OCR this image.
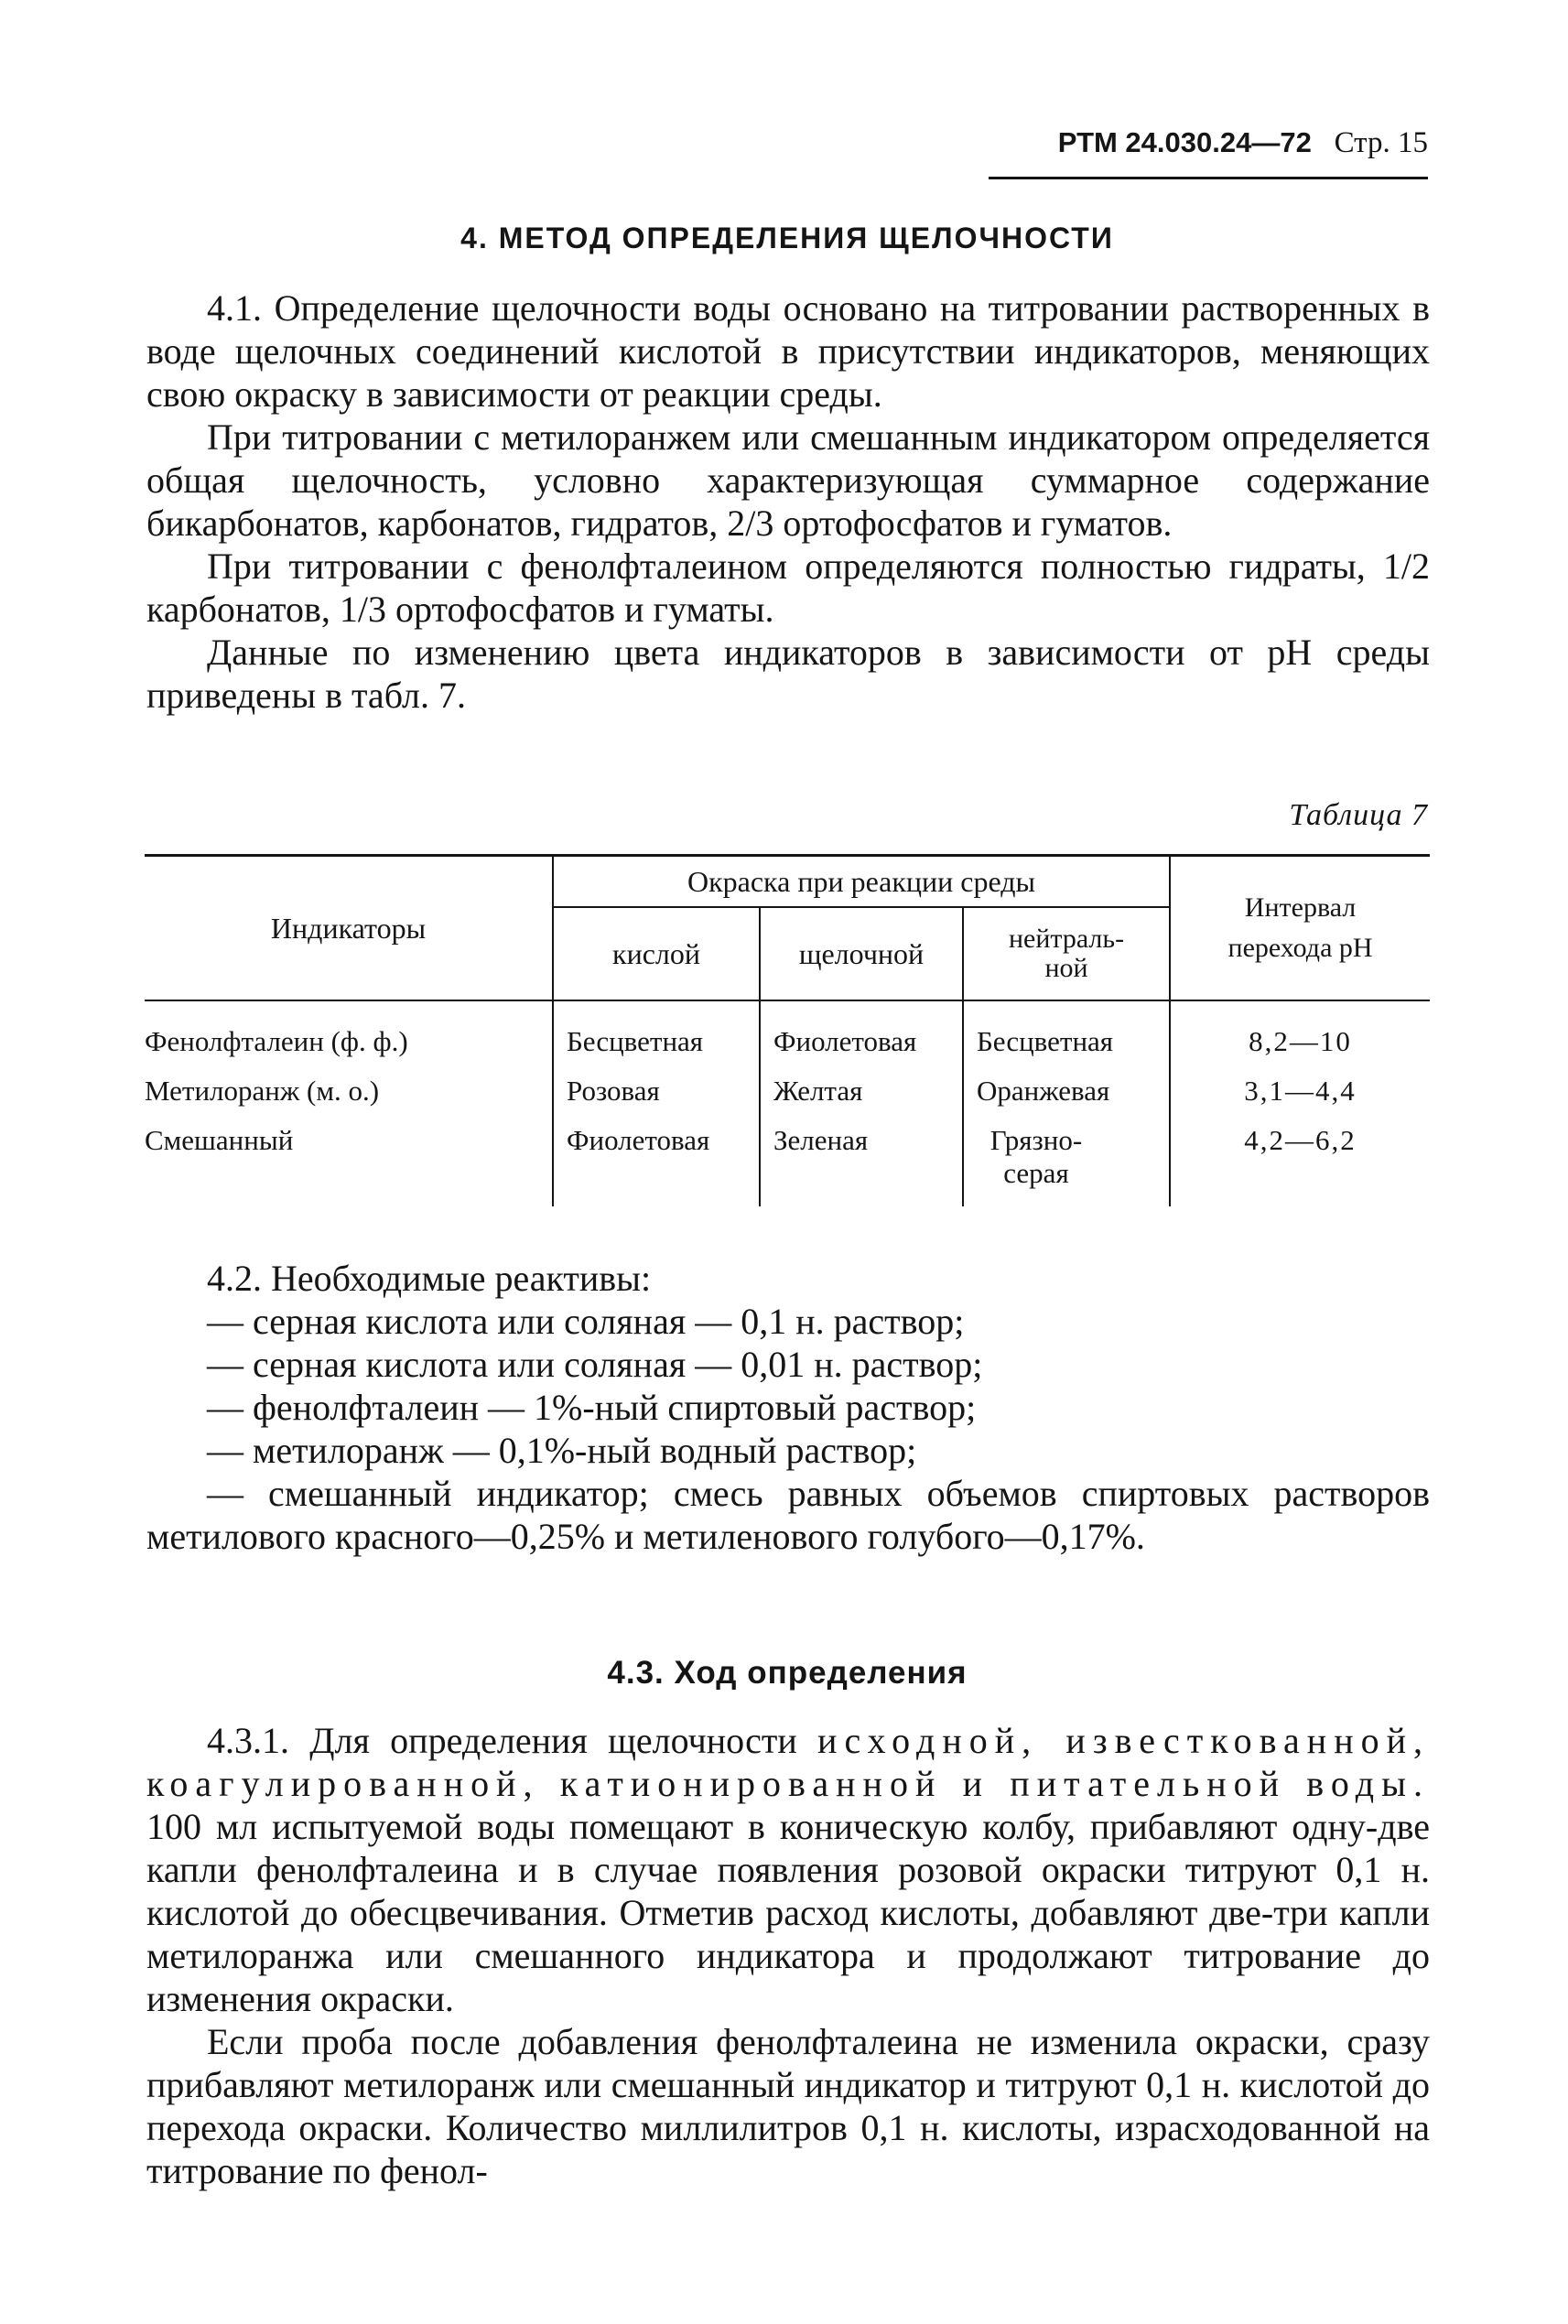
РТМ 24.030.24—72 Стр. 15
4. МЕТОД ОПРЕДЕЛЕНИЯ ЩЕЛОЧНОСТИ

4.1. Определение щелочности воды основано на титровании растворенных в воде щелочных соединений кислотой в присутствии индикаторов, меняющих свою окраску в зависимости от реакции среды.

При титровании с метилоранжем или смешанным индикатором определяется общая щелочность, условно характеризующая суммарное содержание бикарбонатов, карбонатов, гидратов, 2/3 ортофосфатов и гуматов.

При титровании с фенолфталеином определяются полностью гидраты, 1/2 карбонатов, 1/3 ортофосфатов и гуматы.

Данные по изменению цвета индикаторов в зависимости от рН среды приведены в табл. 7.

Таблица 7
Индикаторы	Окраска при реакции среды			Интервал перехода рН

	кислой	щелочной	нейтраль- ной	

Фенолфталеин (ф. ф.)	Бесцветная	Фиолетовая	Бесцветная	8,2—10
Метилоранж (м. о.)	Розовая	Желтая	Оранжевая	3,1—4,4
Смешанный	Фиолетовая	Зеленая	Грязно- серая	4,2—6,2

4.2. Необходимые реактивы:

— серная кислота или соляная — 0,1 н. раствор;

— серная кислота или соляная — 0,01 н. раствор;

— фенолфталеин — 1%-ный спиртовый раствор;

— метилоранж — 0,1%-ный водный раствор;

— смешанный индикатор; смесь равных объемов спиртовых растворов метилового красного—0,25% и метиленового голубого—0,17%.

4.3. Ход определения

4.3.1. Для определения щелочности исходной, известкованной, коагулированной, катионированной и питательной воды. 100 мл испытуемой воды помещают в коническую колбу, прибавляют одну-две капли фенолфталеина и в случае появления розовой окраски титруют 0,1 н. кислотой до обесцвечивания. Отметив расход кислоты, добавляют две-три капли метилоранжа или смешанного индикатора и продолжают титрование до изменения окраски.

Если проба после добавления фенолфталеина не изменила окраски, сразу прибавляют метилоранж или смешанный индикатор и титруют 0,1 н. кислотой до перехода окраски. Количество миллилитров 0,1 н. кислоты, израсходованной на титрование по фенол-
